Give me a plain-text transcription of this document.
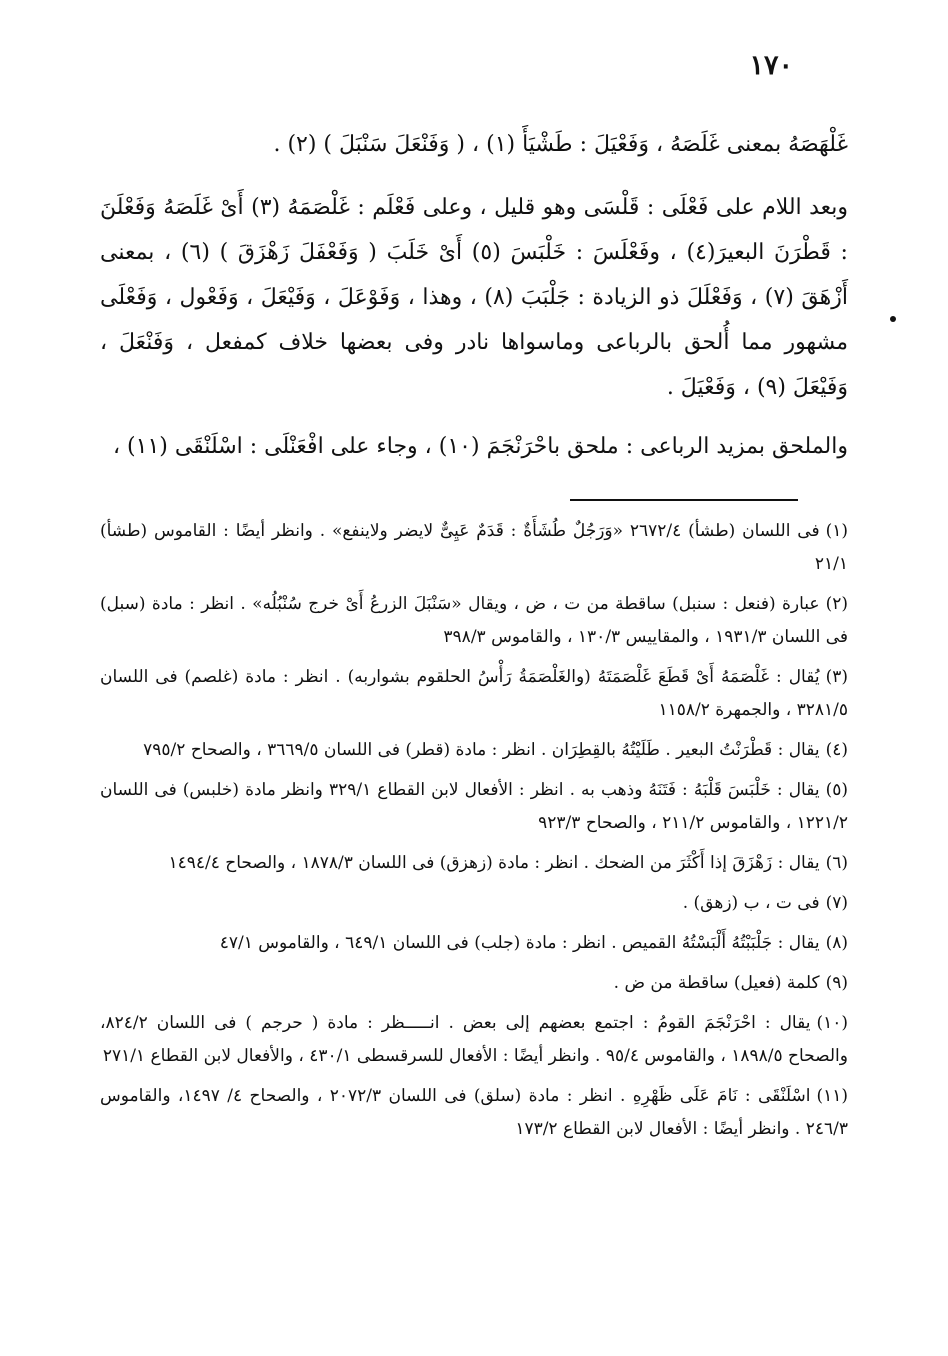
١٧٠

غَلْهَصَهُ بمعنى غَلَصَهُ ، وَفَعْيَلَ : طَشْيَأَ (١) ، ( وَفَنْعَلَ سَنْبَلَ ) (٢) .

وبعد اللام على فَعْلَى : قَلْسَى وهو قليل ، وعلى فَعْلَم : غَلْصَمَهُ (٣) أَىْ غَلَصَهُ وَفَعْلَنَ : قَطْرَنَ البعيرَ(٤) ، وفَعْلَسَ : خَلْبَسَ (٥) أَىْ خَلَبَ ( وَفَعْفَلَ زَهْزَقَ ) (٦) ، بمعنى أَزْهَقَ (٧) ، وَفَعْلَلَ ذو الزيادة : جَلْبَبَ (٨) ، وهذا ، وَفَوْعَلَ ، وَفَيْعَلَ ، وَفَعْول ، وَفَعْلَى مشهور مما أُلحق بالرباعى وماسواها نادر وفى بعضها خلاف كمفعل ، وَفَنْعَلَ ، وَفَيْعَلَ (٩) ، وَفَعْيَلَ .

والملحق بمزيد الرباعى : ملحق باحْرَنْجَمَ (١٠) ، وجاء على افْعَنْلَى : اسْلَنْقَى (١١) ،

(١)فى اللسان (طشأ) ٢٦٧٢/٤ «وَرَجُلٌ طُشَأَةٌ : قَدَمٌ عَيِىٌّ لايضر ولاينفع» . وانظر أيضًا : القاموس (طشأ) ٢١/١

(٢)عبارة (فنعل : سنبل) ساقطة من ت ، ض ، ويقال «سَنْبَلَ الزرعُ أَىْ خرج سُنْبُلُه» . انظر : مادة (سبل) فى اللسان ١٩٣١/٣ ، والمقاييس ١٣٠/٣ ، والقاموس ٣٩٨/٣

(٣)يُقال : غَلْصَمَهُ أَىْ قَطَعَ غَلْصَمَتَهُ (والغَلْصَمَةُ رَأْسُ الحلقوم بشواربه) . انظر : مادة (غلصم) فى اللسان ٣٢٨١/٥ ، والجمهرة ١١٥٨/٢

(٤)يقال : قَطْرَنْتُ البعير . طَلَيْتُهُ بالقِطِرَان . انظر : مادة (قطر) فى اللسان ٣٦٦٩/٥ ، والصحاح ٧٩٥/٢

(٥)يقال : خَلْبَسَ قَلْبَهُ : فَتَنَهُ وذهب به . انظر : الأفعال لابن القطاع ٣٢٩/١ وانظر مادة (خلبس) فى اللسان ١٢٢١/٢ ، والقاموس ٢١١/٢ ، والصحاح ٩٢٣/٣

(٦)يقال : زَهْزَقَ إذا أَكْثَرَ من الضحك . انظر : مادة (زهزق) فى اللسان ١٨٧٨/٣ ، والصحاح ١٤٩٤/٤

(٧)فى ت ، ب (زهق) .

(٨)يقال : جَلْبَبْتُهُ أَلْبَسْتُهُ القميص . انظر : مادة (جلب) فى اللسان ٦٤٩/١ ، والقاموس ٤٧/١

(٩)كلمة (فعيل) ساقطة من ض .

(١٠)يقال : احْرَنْجَمَ القومُ : اجتمع بعضهم إلى بعض . انـــــظر : مادة ( حرجم ) فى اللسان ٨٢٤/٢، والصحاح ١٨٩٨/٥ ، والقاموس ٩٥/٤ . وانظر أيضًا : الأفعال للسرقسطى ٤٣٠/١ ، والأفعال لابن القطاع ٢٧١/١

(١١)اسْلَنْقَى : نَامَ عَلَى ظَهْرِهِ . انظر : مادة (سلق) فى اللسان ٢٠٧٢/٣ ، والصحاح ٤/ ١٤٩٧، والقاموس ٢٤٦/٣ . وانظر أيضًا : الأفعال لابن القطاع ١٧٣/٢
